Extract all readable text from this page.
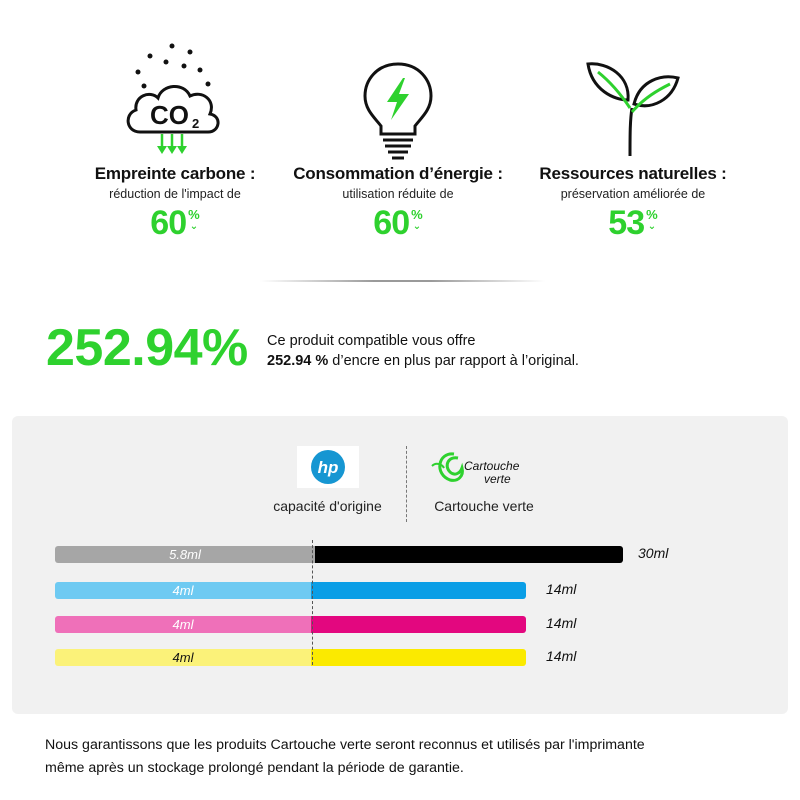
CO 2
Empreinte carbone :
réduction de l'impact de
60 %
⌄
Consommation d’énergie :
utilisation réduite de
60 %
⌄
Ressources naturelles :
préservation améliorée de
53 %
⌄
252.94% Ce produit compatible vous offre
252.94 % d’encre en plus par rapport à l’original.
hp
capacité d'origine
Cartouche
verte
Cartouche verte
5.8ml	30ml
4ml	14ml
4ml	14ml
4ml	14ml
Nous garantissons que les produits Cartouche verte seront reconnus et utilisés par l'imprimante
même après un stockage prolongé pendant la période de garantie.
